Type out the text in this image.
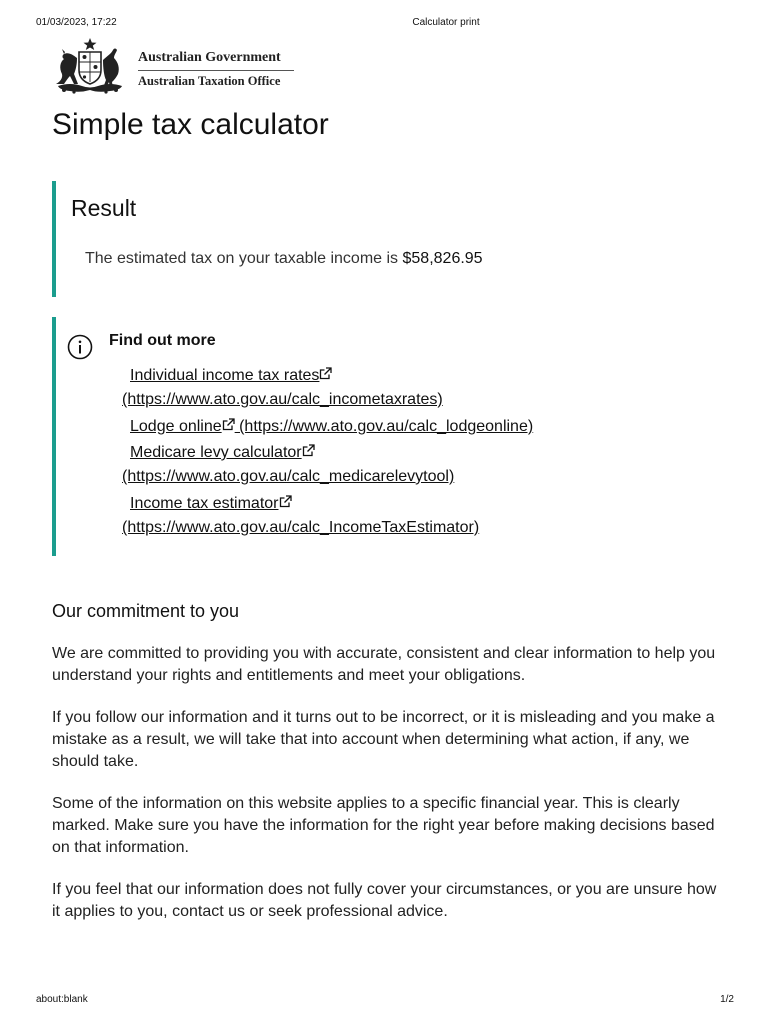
01/03/2023, 17:22	Calculator print
Australian Government
Australian Taxation Office
Simple tax calculator
Result
The estimated tax on your taxable income is $58,826.95
Find out more
Individual income tax rates
(https://www.ato.gov.au/calc_incometaxrates)
Lodge online (https://www.ato.gov.au/calc_lodgeonline)
Medicare levy calculator
(https://www.ato.gov.au/calc_medicarelevytool)
Income tax estimator
(https://www.ato.gov.au/calc_IncomeTaxEstimator)
Our commitment to you

We are committed to providing you with accurate, consistent and clear information to help you understand your rights and entitlements and meet your obligations.

If you follow our information and it turns out to be incorrect, or it is misleading and you make a mistake as a result, we will take that into account when determining what action, if any, we should take.

Some of the information on this website applies to a specific financial year. This is clearly marked. Make sure you have the information for the right year before making decisions based on that information.

If you feel that our information does not fully cover your circumstances, or you are unsure how it applies to you, contact us or seek professional advice.

about:blank	1/2
